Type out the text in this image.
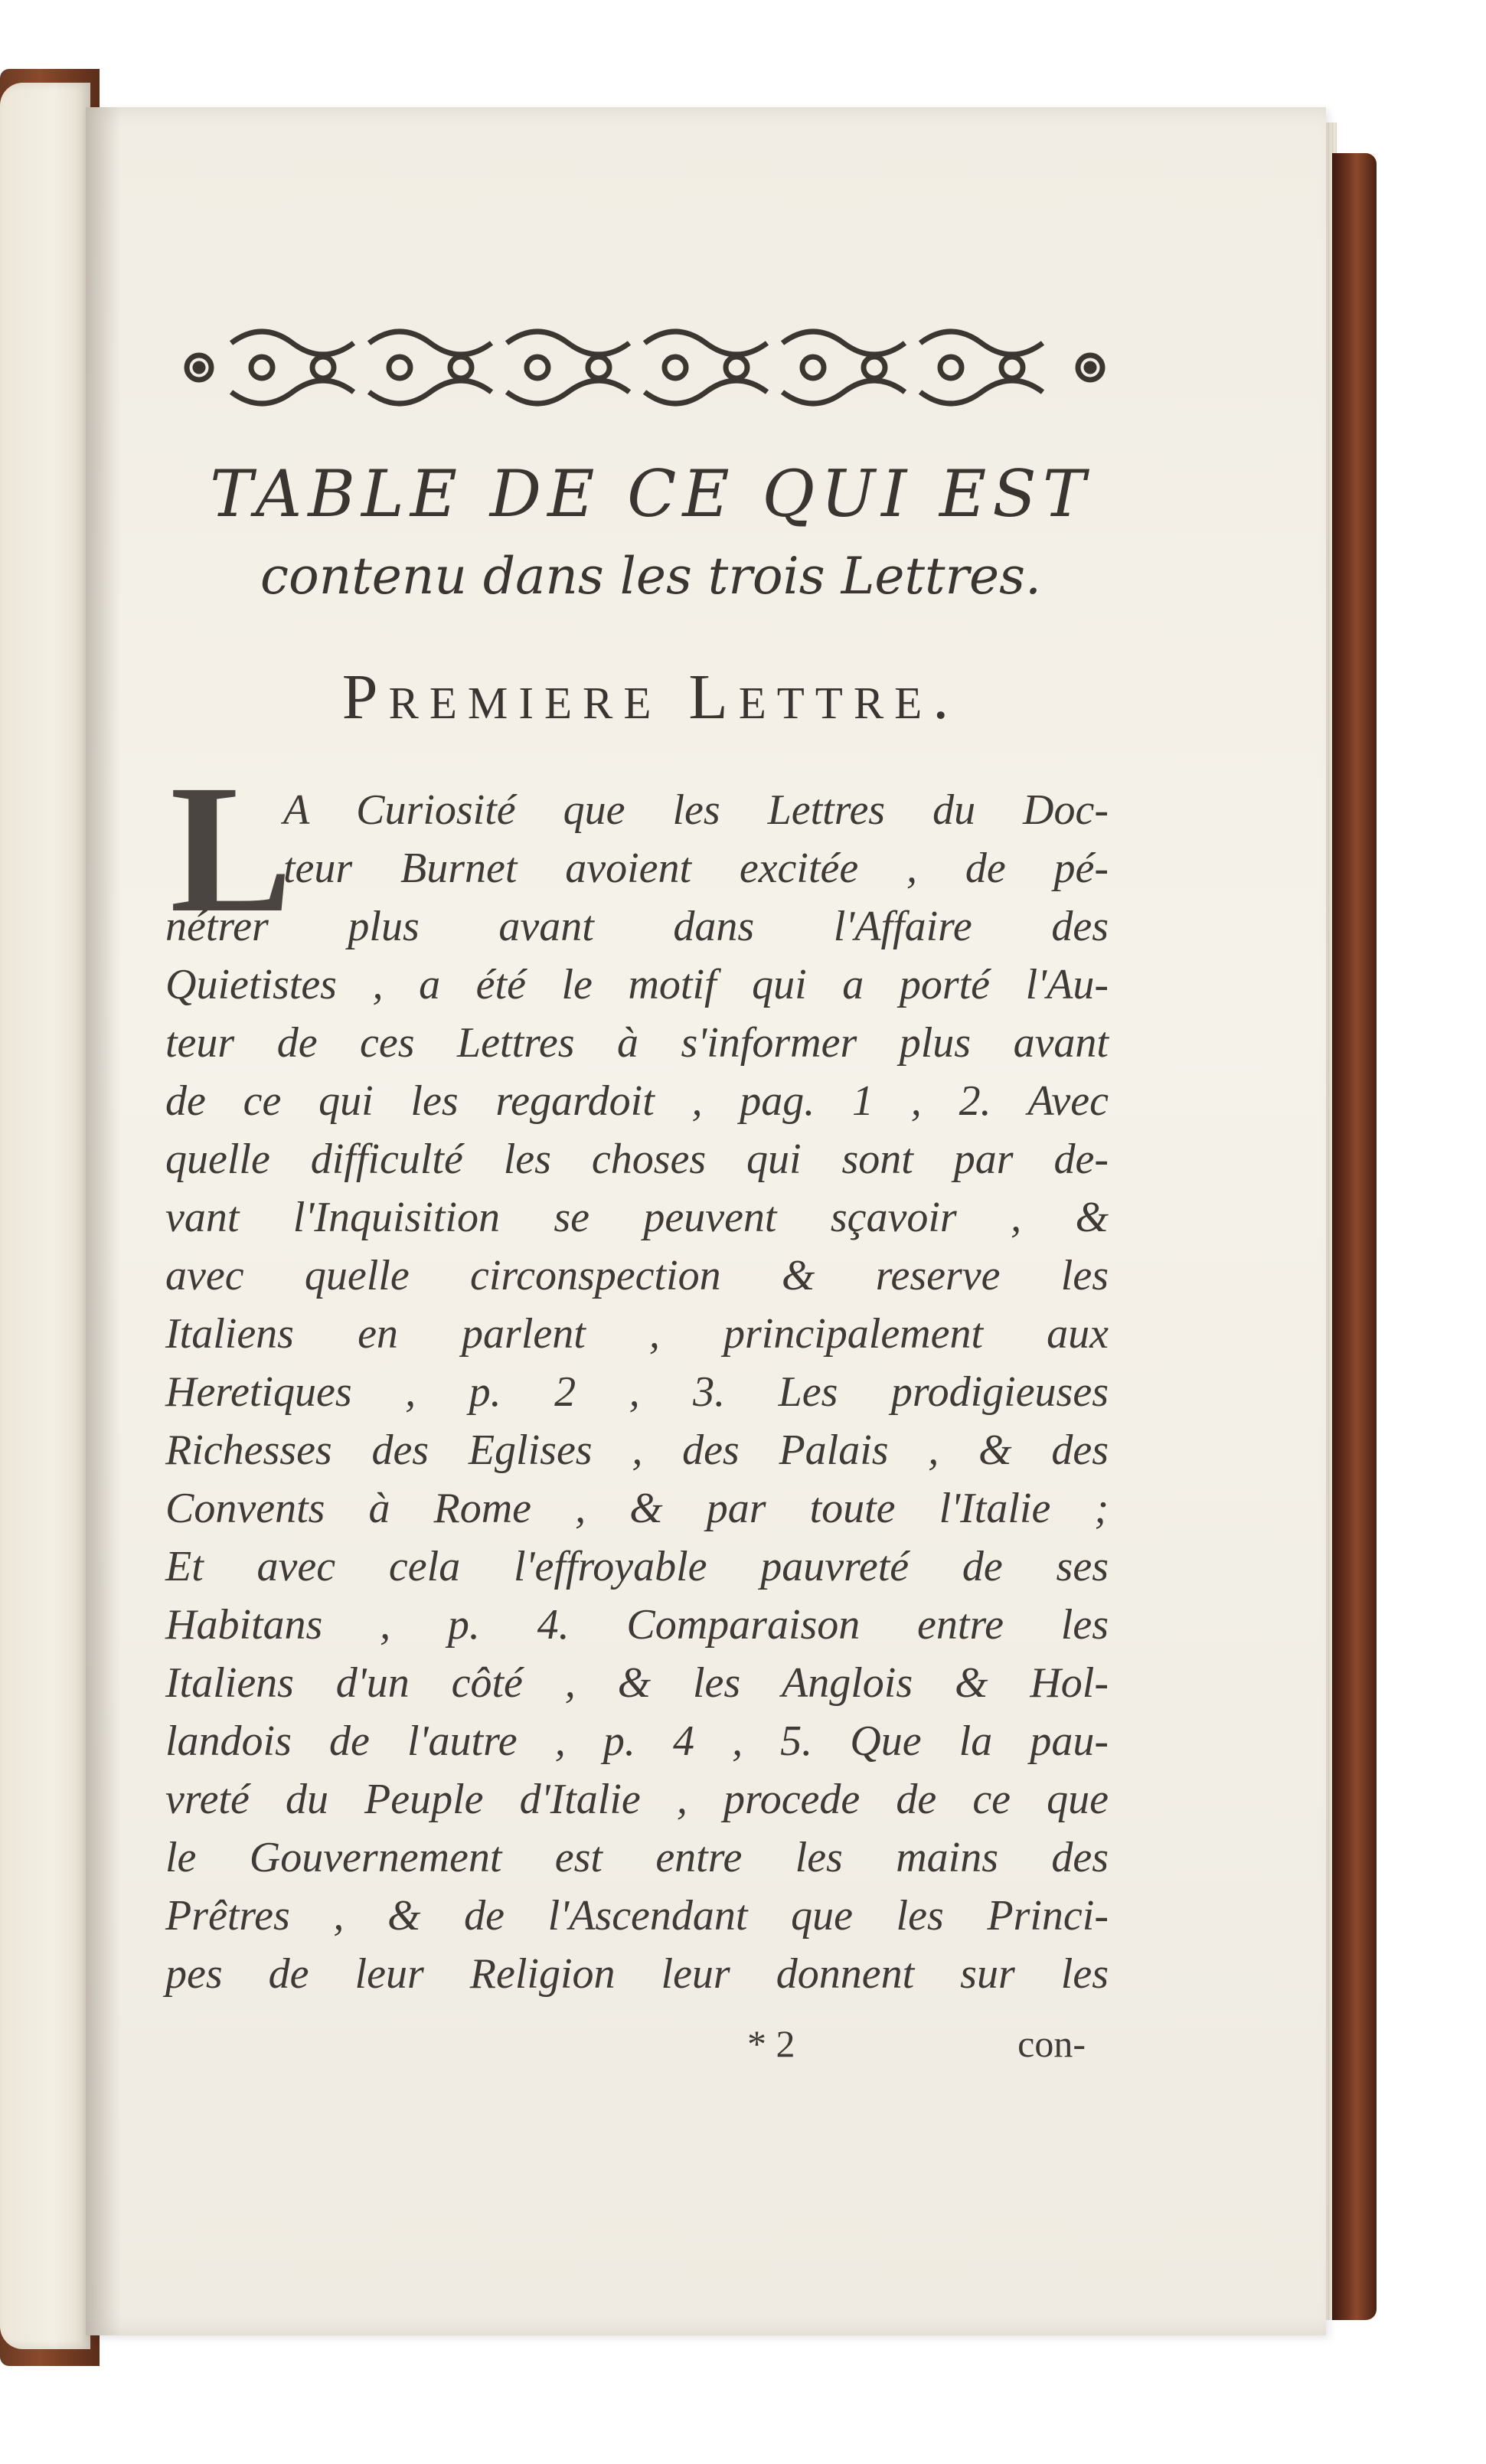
TABLE DE CE QUI EST
contenu dans les trois Lettres.
Premiere Lettre.
L
A Curiosité que les Lettres du Doc-
teur Burnet avoient excitée , de pé-
nétrer plus avant dans l'Affaire des
Quietistes , a été le motif qui a porté l'Au-
teur de ces Lettres à s'informer plus avant
de ce qui les regardoit , pag. 1 , 2. Avec
quelle difficulté les choses qui sont par de-
vant l'Inquisition se peuvent sçavoir , &
avec quelle circonspection & reserve les
Italiens en parlent , principalement aux
Heretiques , p. 2 , 3. Les prodigieuses
Richesses des Eglises , des Palais , & des
Convents à Rome , & par toute l'Italie ;
Et avec cela l'effroyable pauvreté de ses
Habitans , p. 4. Comparaison entre les
Italiens d'un côté , & les Anglois & Hol-
landois de l'autre , p. 4 , 5. Que la pau-
vreté du Peuple d'Italie , procede de ce que
le Gouvernement est entre les mains des
Prêtres , & de l'Ascendant que les Princi-
pes de leur Religion leur donnent sur les
* 2	con-
